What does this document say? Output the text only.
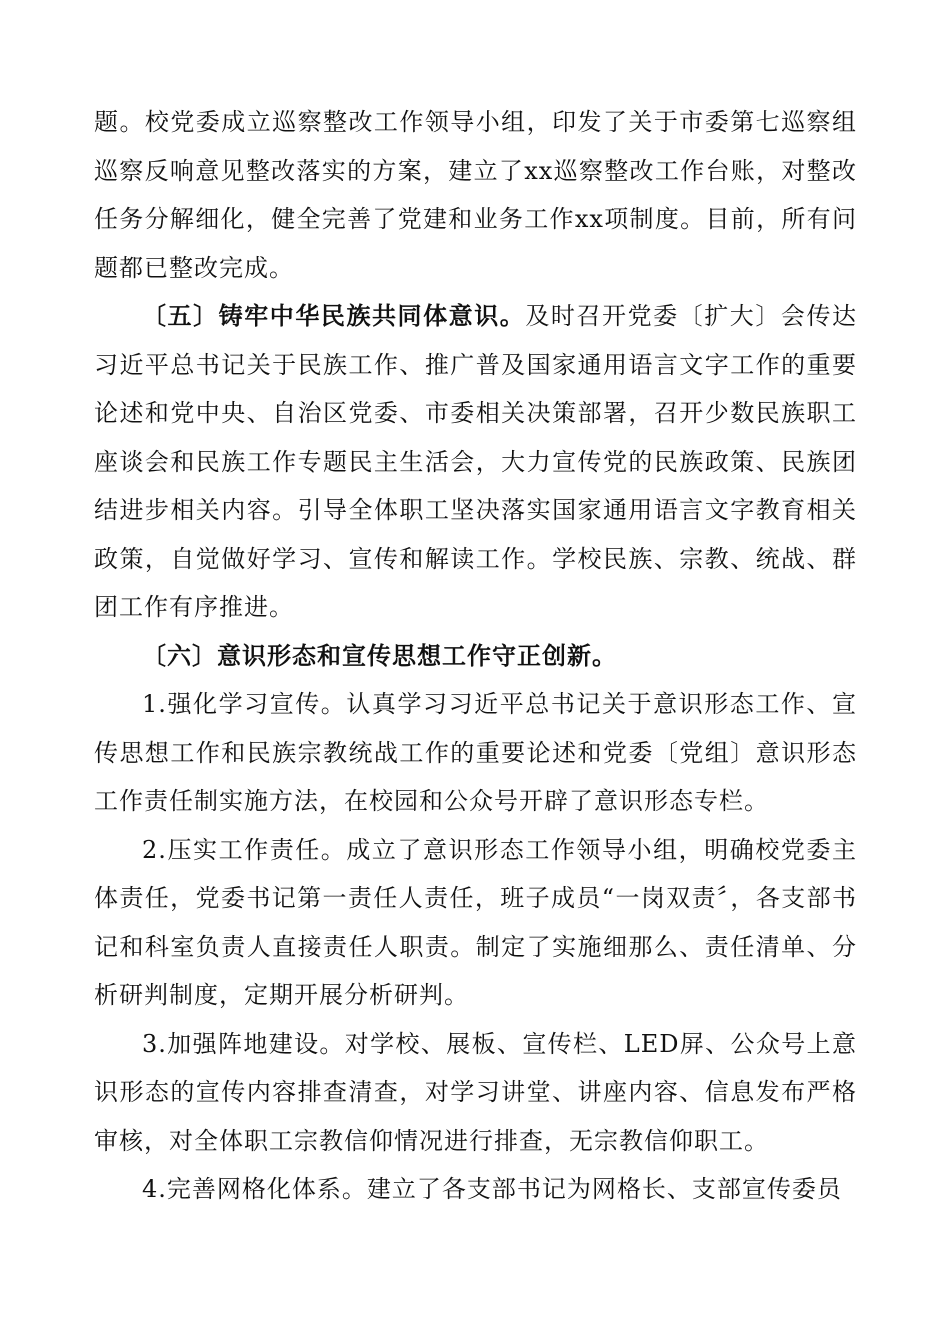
题。校党委成立巡察整改工作领导小组，印发了关于市委第七巡察组巡察反响意见整改落实的方案，建立了xx巡察整改工作台账，对整改任务分解细化，健全完善了党建和业务工作xx项制度。目前，所有问题都已整改完成。

〔五〕铸牢中华民族共同体意识。及时召开党委〔扩大〕会传达习近平总书记关于民族工作、推广普及国家通用语言文字工作的重要论述和党中央、自治区党委、市委相关决策部署，召开少数民族职工座谈会和民族工作专题民主生活会，大力宣传党的民族政策、民族团结进步相关内容。引导全体职工坚决落实国家通用语言文字教育相关政策，自觉做好学习、宣传和解读工作。学校民族、宗教、统战、群团工作有序推进。

〔六〕意识形态和宣传思想工作守正创新。

1.强化学习宣传。认真学习习近平总书记关于意识形态工作、宣传思想工作和民族宗教统战工作的重要论述和党委〔党组〕意识形态工作责任制实施方法，在校园和公众号开辟了意识形态专栏。

2.压实工作责任。成立了意识形态工作领导小组，明确校党委主体责任，党委书记第一责任人责任，班子成员“一岗双责〞，各支部书记和科室负责人直接责任人职责。制定了实施细那么、责任清单、分析研判制度，定期开展分析研判。

3.加强阵地建设。对学校、展板、宣传栏、LED屏、公众号上意识形态的宣传内容排查清查，对学习讲堂、讲座内容、信息发布严格审核，对全体职工宗教信仰情况进行排查，无宗教信仰职工。

4.完善网格化体系。建立了各支部书记为网格长、支部宣传委员
